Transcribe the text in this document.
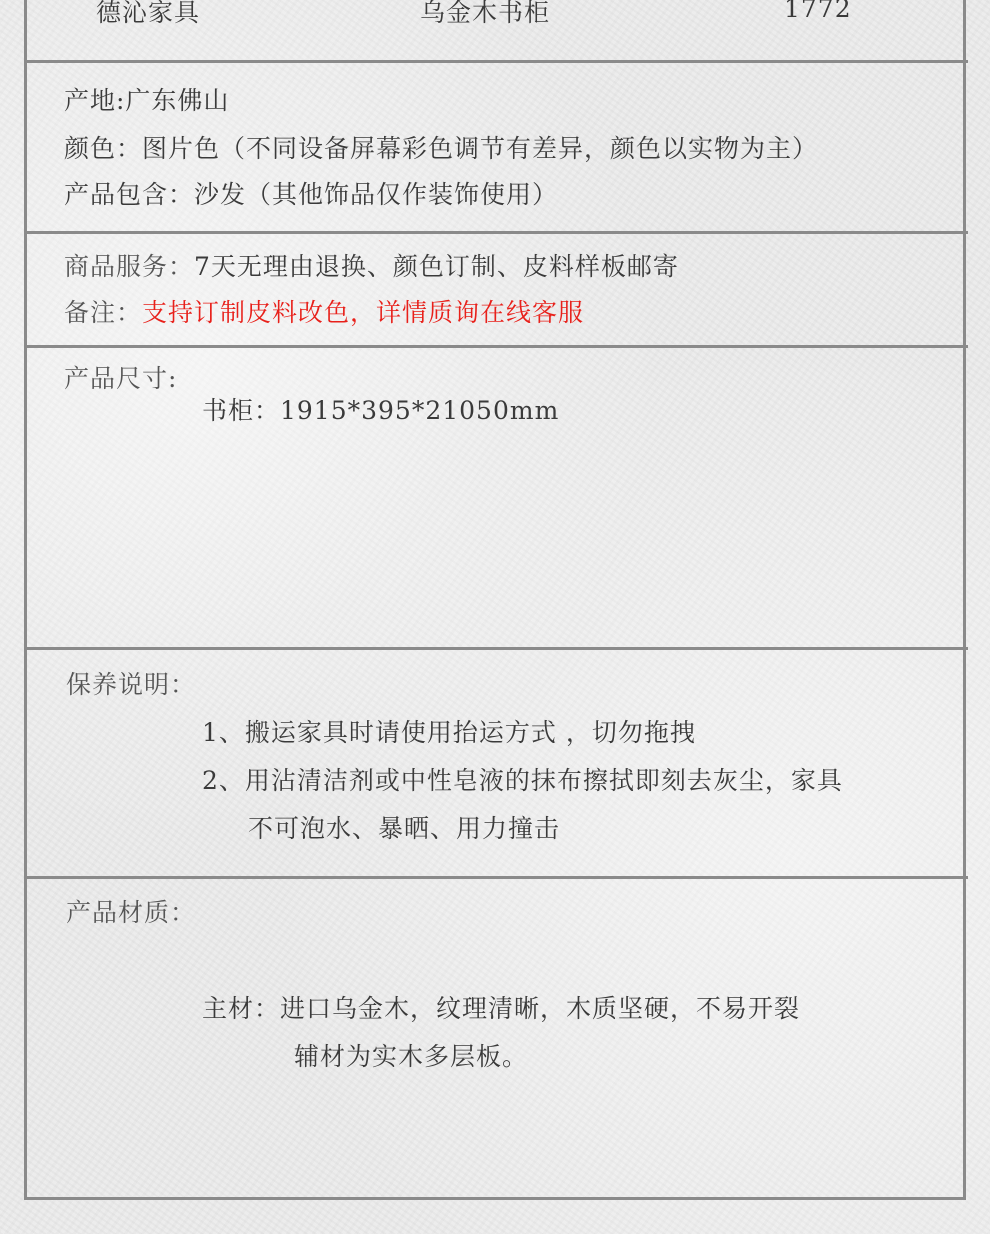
德沁家具	乌金木书柜	1772
产地:广东佛山
颜色：图片色（不同设备屏幕彩色调节有差异，颜色以实物为主）
产品包含：沙发（其他饰品仅作装饰使用）
商品服务：7天无理由退换、颜色订制、皮料样板邮寄
备注：支持订制皮料改色，详情质询在线客服
产品尺寸:
书柜：1915*395*21050mm
保养说明：
1、搬运家具时请使用抬运方式 ，切勿拖拽
2、用沾清洁剂或中性皂液的抹布擦拭即刻去灰尘，家具
不可泡水、暴晒、用力撞击
产品材质：
主材：进口乌金木，纹理清晰，木质坚硬，不易开裂
辅材为实木多层板。
